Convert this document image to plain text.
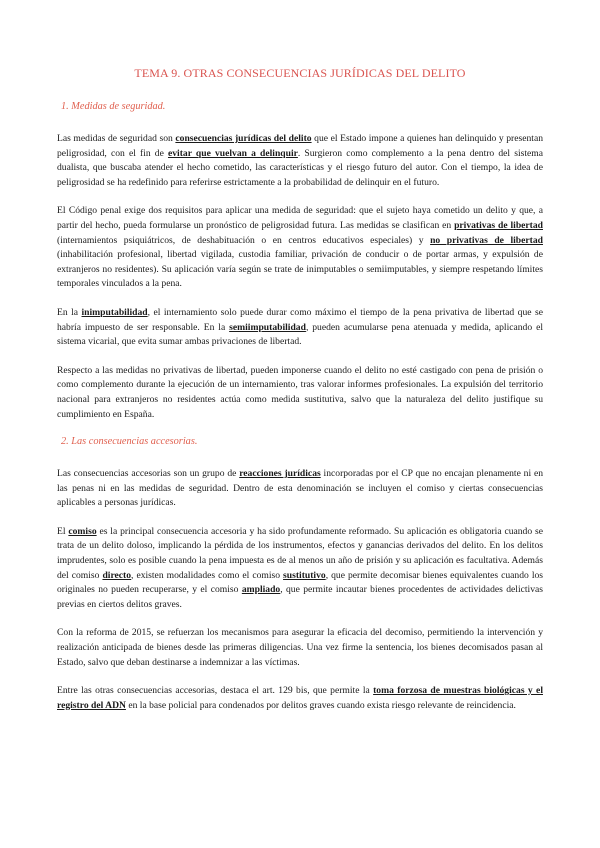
TEMA 9. OTRAS CONSECUENCIAS JURÍDICAS DEL DELITO
1. Medidas de seguridad.

Las medidas de seguridad son consecuencias jurídicas del delito que el Estado impone a quienes han delinquido y presentan peligrosidad, con el fin de evitar que vuelvan a delinquir. Surgieron como complemento a la pena dentro del sistema dualista, que buscaba atender el hecho cometido, las características y el riesgo futuro del autor. Con el tiempo, la idea de peligrosidad se ha redefinido para referirse estrictamente a la probabilidad de delinquir en el futuro.

El Código penal exige dos requisitos para aplicar una medida de seguridad: que el sujeto haya cometido un delito y que, a partir del hecho, pueda formularse un pronóstico de peligrosidad futura. Las medidas se clasifican en privativas de libertad (internamientos psiquiátricos, de deshabituación o en centros educativos especiales) y no privativas de libertad (inhabilitación profesional, libertad vigilada, custodia familiar, privación de conducir o de portar armas, y expulsión de extranjeros no residentes). Su aplicación varía según se trate de inimputables o semiimputables, y siempre respetando límites temporales vinculados a la pena.

En la inimputabilidad, el internamiento solo puede durar como máximo el tiempo de la pena privativa de libertad que se habría impuesto de ser responsable. En la semiimputabilidad, pueden acumularse pena atenuada y medida, aplicando el sistema vicarial, que evita sumar ambas privaciones de libertad.

Respecto a las medidas no privativas de libertad, pueden imponerse cuando el delito no esté castigado con pena de prisión o como complemento durante la ejecución de un internamiento, tras valorar informes profesionales. La expulsión del territorio nacional para extranjeros no residentes actúa como medida sustitutiva, salvo que la naturaleza del delito justifique su cumplimiento en España.

2. Las consecuencias accesorias.

Las consecuencias accesorias son un grupo de reacciones jurídicas incorporadas por el CP que no encajan plenamente ni en las penas ni en las medidas de seguridad. Dentro de esta denominación se incluyen el comiso y ciertas consecuencias aplicables a personas jurídicas.

El comiso es la principal consecuencia accesoria y ha sido profundamente reformado. Su aplicación es obligatoria cuando se trata de un delito doloso, implicando la pérdida de los instrumentos, efectos y ganancias derivados del delito. En los delitos imprudentes, solo es posible cuando la pena impuesta es de al menos un año de prisión y su aplicación es facultativa. Además del comiso directo, existen modalidades como el comiso sustitutivo, que permite decomisar bienes equivalentes cuando los originales no pueden recuperarse, y el comiso ampliado, que permite incautar bienes procedentes de actividades delictivas previas en ciertos delitos graves.

Con la reforma de 2015, se refuerzan los mecanismos para asegurar la eficacia del decomiso, permitiendo la intervención y realización anticipada de bienes desde las primeras diligencias. Una vez firme la sentencia, los bienes decomisados pasan al Estado, salvo que deban destinarse a indemnizar a las víctimas.

Entre las otras consecuencias accesorias, destaca el art. 129 bis, que permite la toma forzosa de muestras biológicas y el registro del ADN en la base policial para condenados por delitos graves cuando exista riesgo relevante de reincidencia.
